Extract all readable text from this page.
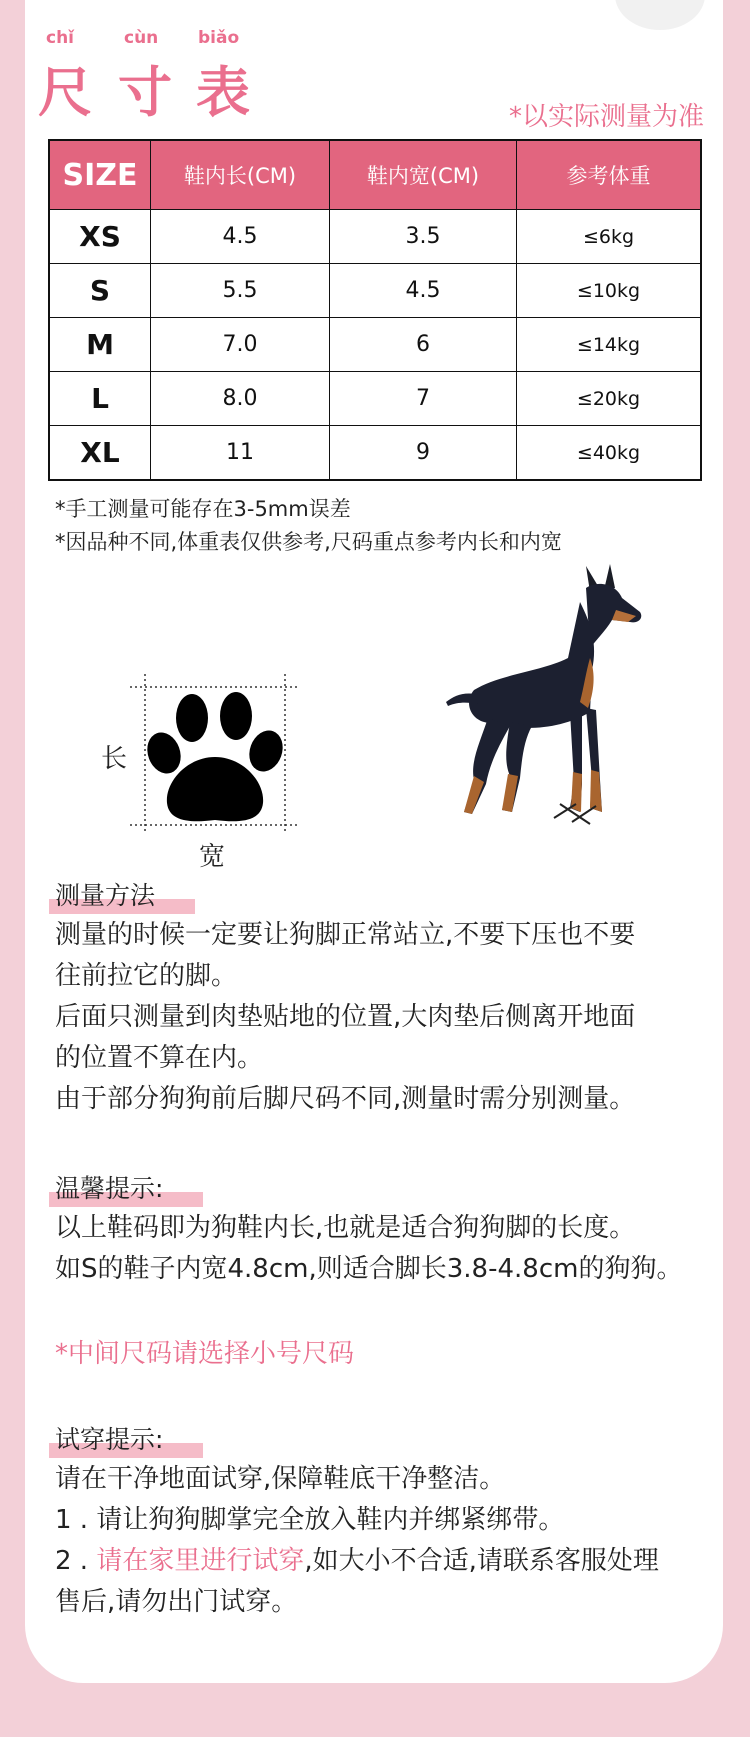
chǐ	cùn biǎo
尺 寸 表	*以实际测量为准
SIZE	鞋内长(CM)	鞋内宽(CM)	参考体重
XS	4.5	3.5	≤6kg
S	5.5	4.5	≤10kg
M	7.0	6	≤14kg
L	8.0	7	≤20kg
XL	11	9	≤40kg
*手工测量可能存在3-5mm误差
*因品种不同,体重表仅供参考,尺码重点参考内长和内宽
长
宽
测量方法
测量的时候一定要让狗脚正常站立,不要下压也不要
往前拉它的脚。
后面只测量到肉垫贴地的位置,大肉垫后侧离开地面
的位置不算在内。
由于部分狗狗前后脚尺码不同,测量时需分别测量。
温馨提示:
以上鞋码即为狗鞋内长,也就是适合狗狗脚的长度。
如S的鞋子内宽4.8cm,则适合脚长3.8-4.8cm的狗狗。
*中间尺码请选择小号尺码
试穿提示:
请在干净地面试穿,保障鞋底干净整洁。
1 . 请让狗狗脚掌完全放入鞋内并绑紧绑带。
2 . 请在家里进行试穿,如大小不合适,请联系客服处理
售后,请勿出门试穿。
